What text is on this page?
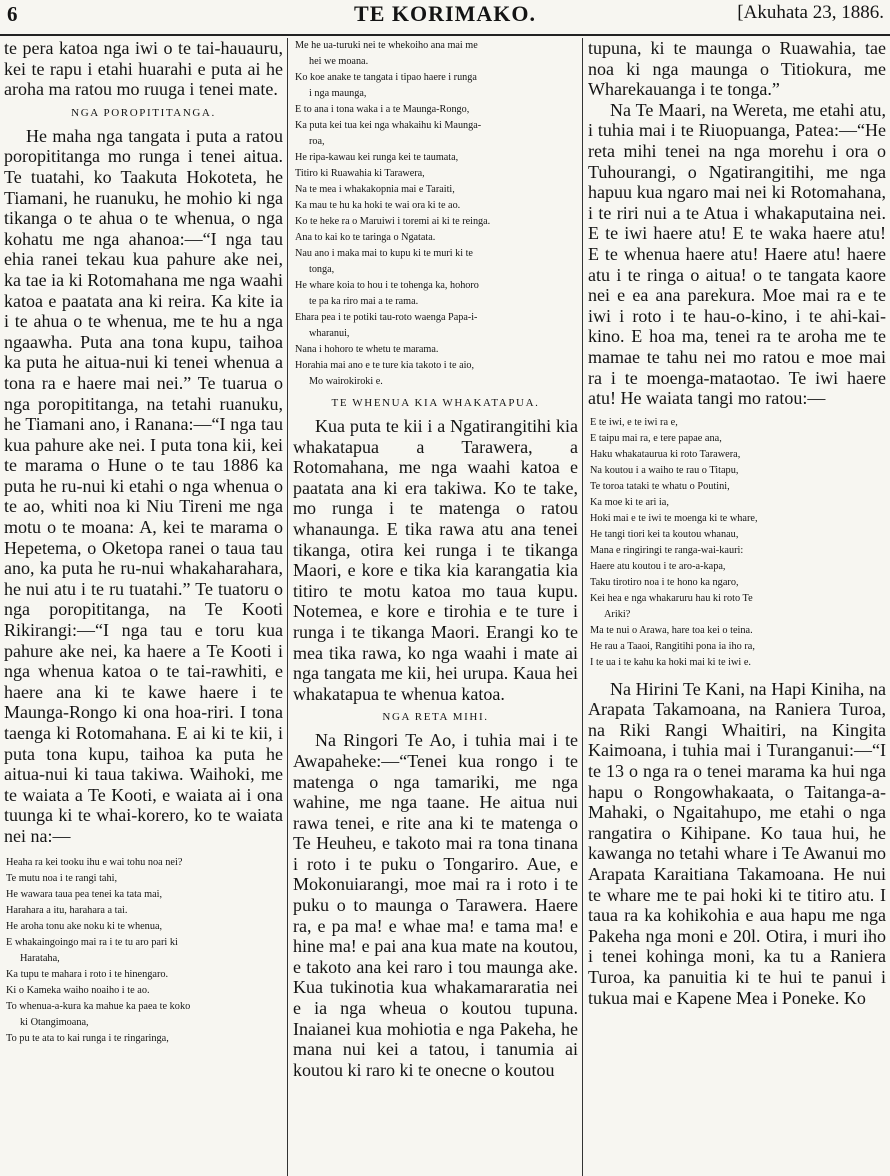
6	TE KORIMAKO.	[Akuhata 23, 1886.

te pera katoa nga iwi o te tai-hauauru, kei te rapu i etahi huarahi e puta ai he aroha ma ratou mo ruuga i tenei mate.

NGA POROPITITANGA.

He maha nga tangata i puta a ratou poropititanga mo runga i tenei aitua. Te tuatahi, ko Taakuta Hokoteta, he Tiamani, he ruanuku, he mohio ki nga tikanga o te ahua o te whenua, o nga kohatu me nga ahanoa:—“I nga tau ehia ranei tekau kua pahure ake nei, ka tae ia ki Rotomahana me nga waahi katoa e paatata ana ki reira. Ka kite ia i te ahua o te whenua, me te hu a nga ngaawha. Puta ana tona kupu, taihoa ka puta he aitua-nui ki tenei whenua a tona ra e haere mai nei.” Te tuarua o nga poropititanga, na tetahi ruanuku, he Tiamani ano, i Ranana:—“I nga tau kua pahure ake nei. I puta tona kii, kei te marama o Hune o te tau 1886 ka puta he ru-nui ki etahi o nga whenua o te ao, whiti noa ki Niu Tireni me nga motu o te moana: A, kei te marama o Hepetema, o Oketopa ranei o taua tau ano, ka puta he ru-nui whakaharahara, he nui atu i te ru tuatahi.” Te tuatoru o nga poropititanga, na Te Kooti Rikirangi:—“I nga tau e toru kua pahure ake nei, ka haere a Te Kooti i nga whenua katoa o te tai-rawhiti, e haere ana ki te kawe haere i te Maunga-Rongo ki ona hoa-riri. I tona taenga ki Rotomahana. E ai ki te kii, i puta tona kupu, taihoa ka puta he aitua-nui ki taua takiwa. Waihoki, me te waiata a Te Kooti, e waiata ai i ona tuunga ki te whai-korero, ko te waiata nei na:—

Heaha ra kei tooku ihu e wai tohu noa nei?
Te mutu noa i te rangi tahi,
He wawara taua pea tenei ka tata mai,
Harahara a itu, harahara a tai.
He aroha tonu ake noku ki te whenua,
E whakaingoingo mai ra i te tu aro pari ki
Harataha,
Ka tupu te mahara i roto i te hinengaro.
Ki o Kameka waiho noaiho i te ao.
To whenua-a-kura ka mahue ka paea te koko
ki Otangimoana,
To pu te ata to kai runga i te ringaringa,
Me he ua-turuki nei te whekoiho ana mai me
hei we moana.
Ko koe anake te tangata i tipao haere i runga
i nga maunga,
E to ana i tona waka i a te Maunga-Rongo,
Ka puta kei tua kei nga whakaihu ki Maunga-
roa,
He ripa-kawau kei runga kei te taumata,
Titiro ki Ruawahia ki Tarawera,
Na te mea i whakakopnia mai e Taraiti,
Ka mau te hu ka hoki te wai ora ki te ao.
Ko te heke ra o Maruiwi i toremi ai ki te reinga.
Ana to kai ko te taringa o Ngatata.
Nau ano i maka mai to kupu ki te muri ki te
tonga,
He whare koia to hou i te tohenga ka, hohoro
te pa ka riro mai a te rama.
Ehara pea i te potiki tau-roto waenga Papa-i-
wharanui,
Nana i hohoro te whetu te marama.
Horahia mai ano e te ture kia takoto i te aio,
Mo wairokiroki e.
TE WHENUA KIA WHAKATAPUA.

Kua puta te kii i a Ngatirangitihi kia whakatapua a Tarawera, a Rotomahana, me nga waahi katoa e paatata ana ki era takiwa. Ko te take, mo runga i te matenga o ratou whanaunga. E tika rawa atu ana tenei tikanga, otira kei runga i te tikanga Maori, e kore e tika kia karangatia kia titiro te motu katoa mo taua kupu. Notemea, e kore e tirohia e te ture i runga i te tikanga Maori. Erangi ko te mea tika rawa, ko nga waahi i mate ai nga tangata me kii, hei urupa. Kaua hei whakatapua te whenua katoa.

NGA RETA MIHI.

Na Ringori Te Ao, i tuhia mai i te Awapaheke:—“Tenei kua rongo i te matenga o nga tamariki, me nga wahine, me nga taane. He aitua nui rawa tenei, e rite ana ki te matenga o Te Heuheu, e takoto mai ra tona tinana i roto i te puku o Tongariro. Aue, e Mokonuiarangi, moe mai ra i roto i te puku o to maunga o Tarawera. Haere ra, e pa ma! e whae ma! e tama ma! e hine ma! e pai ana kua mate na koutou, e takoto ana kei raro i tou maunga ake. Kua tukinotia kua whakamararatia nei e ia nga wheua o koutou tupuna. Inaianei kua mohiotia e nga Pakeha, he mana nui kei a tatou, i tanumia ai koutou ki raro ki te onecne o koutou

tupuna, ki te maunga o Ruawahia, tae noa ki nga maunga o Titiokura, me Wharekauanga i te tonga.”

Na Te Maari, na Wereta, me etahi atu, i tuhia mai i te Riuopuanga, Patea:—“He reta mihi tenei na nga morehu i ora o Tuhourangi, o Ngatirangitihi, me nga hapuu kua ngaro mai nei ki Rotomahana, i te riri nui a te Atua i whakaputaina nei. E te iwi haere atu! E te waka haere atu! E te whenua haere atu! Haere atu! haere atu i te ringa o aitua! o te tangata kaore nei e ea ana parekura. Moe mai ra e te iwi i roto i te hau-o-kino, i te ahi-kai-kino. E hoa ma, tenei ra te aroha me te mamae te tahu nei mo ratou e moe mai ra i te moenga-mataotao. Te iwi haere atu! He waiata tangi mo ratou:—

E te iwi, e te iwi ra e,
E taipu mai ra, e tere papae ana,
Haku whakataurua ki roto Tarawera,
Na koutou i a waiho te rau o Titapu,
Te toroa tataki te whatu o Poutini,
Ka moe ki te ari ia,
Hoki mai e te iwi te moenga ki te whare,
He tangi tiori kei ta koutou whanau,
Mana e ringiringi te ranga-wai-kauri:
Haere atu koutou i te aro-a-kapa,
Taku tirotiro noa i te hono ka ngaro,
Kei hea e nga whakaruru hau ki roto Te
Ariki?
Ma te nui o Arawa, hare toa kei o teina.
He rau a Taaoi, Rangitihi pona ia iho ra,
I te ua i te kahu ka hoki mai ki te iwi e.

Na Hirini Te Kani, na Hapi Kiniha, na Arapata Takamoana, na Raniera Turoa, na Riki Rangi Whaitiri, na Kingita Kaimoana, i tuhia mai i Turanganui:—“I te 13 o nga ra o tenei marama ka hui nga hapu o Rongowhakaata, o Taitanga-a-Mahaki, o Ngaitahupo, me etahi o nga rangatira o Kihipane. Ko taua hui, he kawanga no tetahi whare i Te Awanui mo Arapata Karaitiana Takamoana. He nui te whare me te pai hoki ki te titiro atu. I taua ra ka kohikohia e aua hapu me nga Pakeha nga moni e 20l. Otira, i muri iho i tenei kohinga moni, ka tu a Raniera Turoa, ka panuitia ki te hui te panui i tukua mai e Kapene Mea i Poneke. Ko
